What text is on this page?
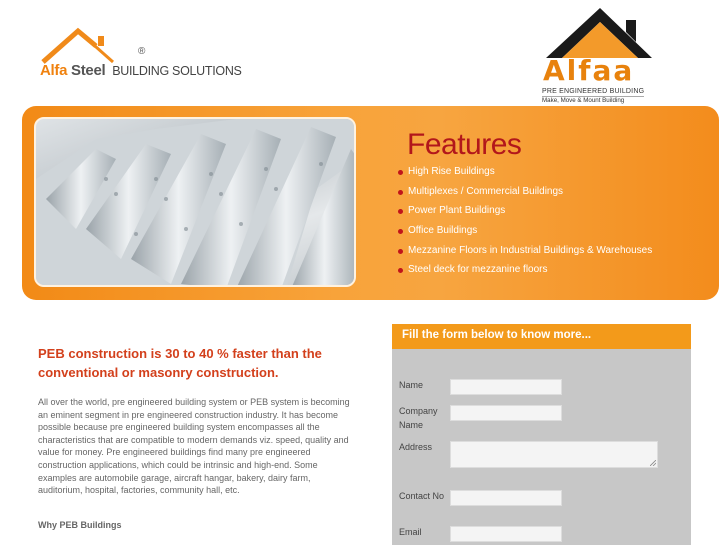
®
Alfa Steel BUILDING SOLUTIONS	Alfaa
PRE ENGINEERED BUILDING
Make, Move & Mount Building
Features
High Rise Buildings
Multiplexes / Commercial Buildings
Power Plant Buildings
Office Buildings
Mezzanine Floors in Industrial Buildings & Warehouses
Steel deck for mezzanine floors
PEB construction is 30 to 40 % faster than the conventional or masonry construction.

All over the world, pre engineered building system or PEB system is becoming an eminent segment in pre engineered construction industry. It has become possible because pre engineered building system encompasses all the characteristics that are compatible to modern demands viz. speed, quality and value for money. Pre engineered buildings find many pre engineered construction applications, which could be intrinsic and high-end. Some examples are automobile garage, aircraft hangar, bakery, dairy farm, auditorium, hospital, factories, community hall, etc.

Why PEB Buildings
Fill the form below to know more...
Name
Company Name
Address
Contact No
Email
